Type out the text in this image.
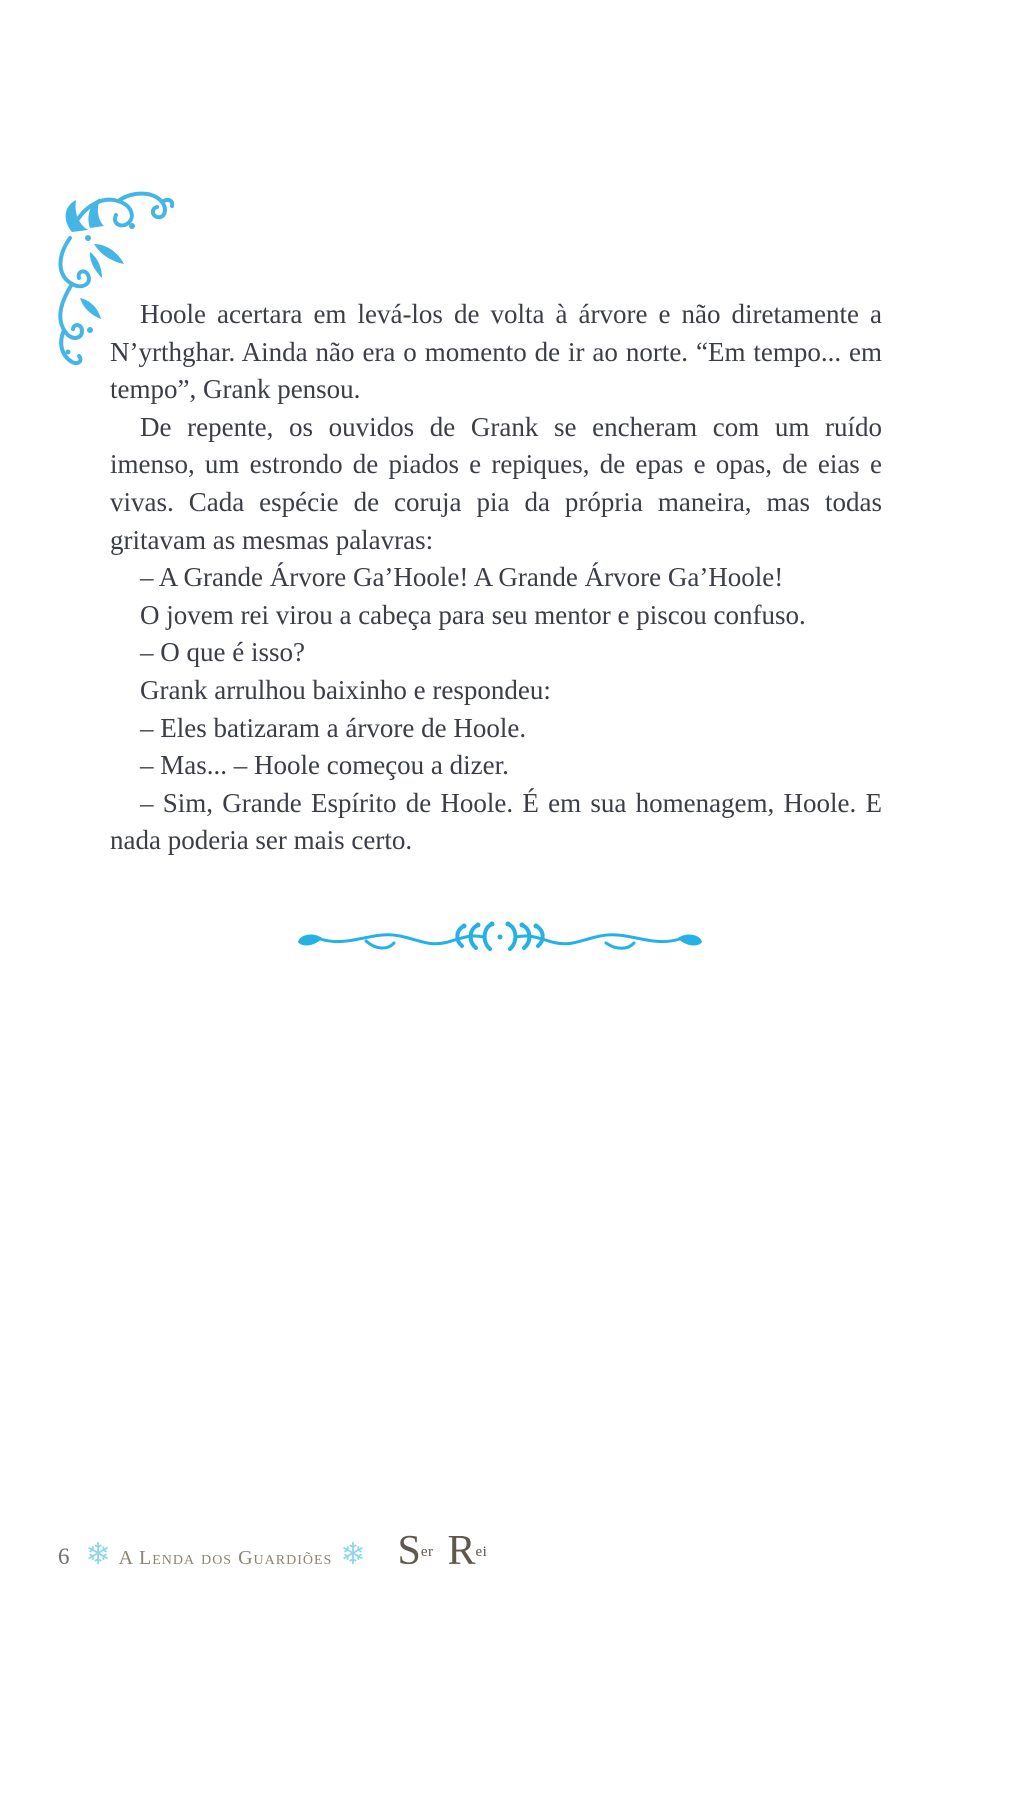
Hoole acertara em levá-los de volta à árvore e não diretamente a N’yrthghar. Ainda não era o momento de ir ao norte. “Em tempo... em tempo”, Grank pensou.

De repente, os ouvidos de Grank se encheram com um ruído imenso, um estrondo de piados e repiques, de epas e opas, de eias e vivas. Cada espécie de coruja pia da própria maneira, mas todas gritavam as mesmas palavras:

– A Grande Árvore Ga’Hoole! A Grande Árvore Ga’Hoole!

O jovem rei virou a cabeça para seu mentor e piscou confuso.

– O que é isso?

Grank arrulhou baixinho e respondeu:

– Eles batizaram a árvore de Hoole.

– Mas... – Hoole começou a dizer.

– Sim, Grande Espírito de Hoole. É em sua homenagem, Hoole. E nada poderia ser mais certo.

6 ❄ A Lenda dos Guardiões ❄ Ser Rei
